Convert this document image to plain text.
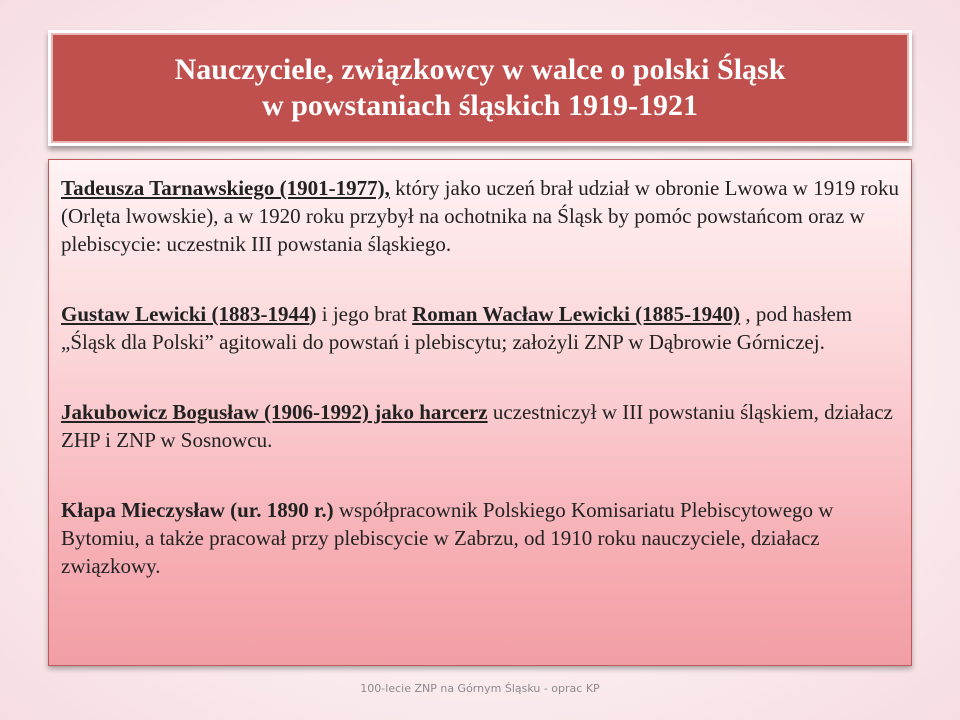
Nauczyciele, związkowcy w walce o polski Śląsk
w powstaniach śląskich 1919-1921

Tadeusza Tarnawskiego (1901-1977), który jako uczeń brał udział w obronie Lwowa w 1919 roku (Orlęta lwowskie), a w 1920 roku przybył na ochotnika na Śląsk by pomóc powstańcom oraz w plebiscycie: uczestnik III powstania śląskiego.

Gustaw Lewicki (1883-1944) i jego brat Roman Wacław Lewicki (1885-1940) , pod hasłem „Śląsk dla Polski” agitowali do powstań i plebiscytu; założyli ZNP w Dąbrowie Górniczej.

Jakubowicz Bogusław (1906-1992) jako harcerz uczestniczył w III powstaniu śląskiem, działacz ZHP i ZNP w Sosnowcu.

Kłapa Mieczysław (ur. 1890 r.) współpracownik Polskiego Komisariatu Plebiscytowego w Bytomiu, a także pracował przy plebiscycie w Zabrzu, od 1910 roku nauczyciele, działacz związkowy.

100-lecie ZNP na Górnym Śląsku - oprac KP
